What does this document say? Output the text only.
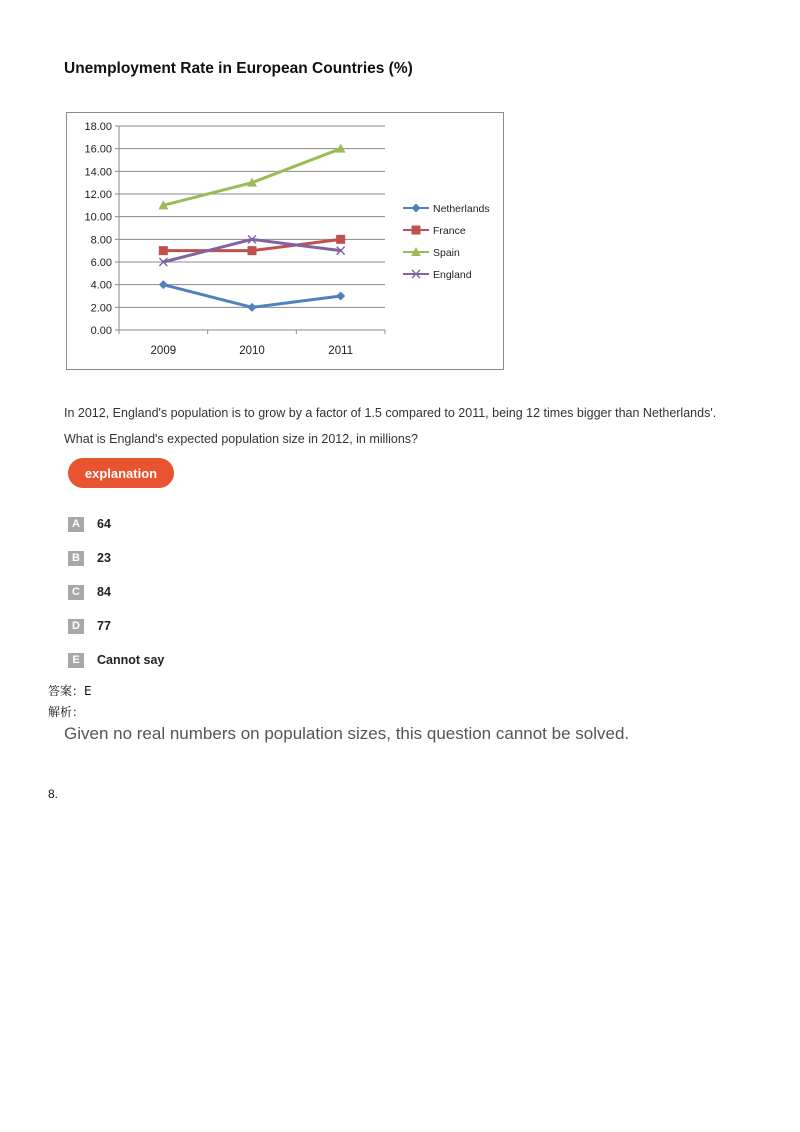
Unemployment Rate in European Countries (%)
0.00
2.00
4.00
6.00
8.00
10.00
12.00
14.00
16.00
18.00
2009	2010	2011
Netherlands
France
Spain
England
In 2012, England's population is to grow by a factor of 1.5 compared to 2011, being 12 times bigger than Netherlands'.
What is England's expected population size in 2012, in millions?
explanation
A	64
B	23
C	84
D	77
E	Cannot say
答案：E
解析：
Given no real numbers on population sizes, this question cannot be solved.
8.
